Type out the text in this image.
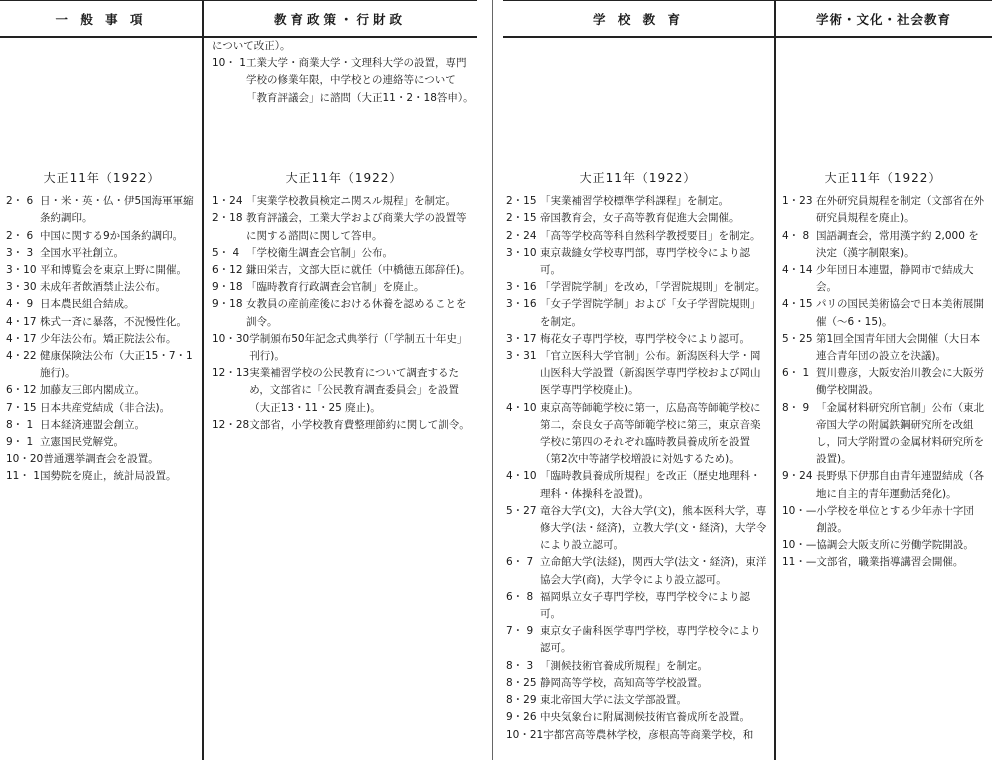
一 般 事 項	教育政策・行財政	学 校 教 育	学術・文化・社会教育
について改正）。
10・ 1 工業大学・商業大学・文理科大学の設置，専門学校の修業年限，中学校との連絡等について「教育評議会」に諮問（大正11・2・18答申）。
大正11年（1922）
2・ 6 日・米・英・仏・伊5国海軍軍縮条約調印。
2・ 6 中国に関する9か国条約調印。
3・ 3 全国水平社創立。
3・10 平和博覧会を東京上野に開催。
3・30 未成年者飲酒禁止法公布。
4・ 9 日本農民組合結成。
4・17 株式一斉に暴落，不況慢性化。
4・17 少年法公布。矯正院法公布。
4・22 健康保険法公布（大正15・7・1施行)。
6・12 加藤友三郎内閣成立。
7・15 日本共産党結成（非合法)。
8・ 1 日本経済連盟会創立。
9・ 1 立憲国民党解党。
10・20 普通選挙調査会を設置。
11・ 1 国勢院を廃止，統計局設置。
大正11年（1922）
1・24 「実業学校教員検定ニ関スル規程」を制定。
2・18 教育評議会，工業大学および商業大学の設置等に関する諮問に関して答申。
5・ 4 「学校衛生調査会官制」公布。
6・12 鎌田栄吉，文部大臣に就任（中橋徳五郎辞任)。
9・18 「臨時教育行政調査会官制」を廃止。
9・18 女教員の産前産後における休養を認めることを訓令。
10・30 学制頒布50年記念式典挙行（「学制五十年史」刊行)。
12・13 実業補習学校の公民教育について調査するため，文部省に「公民教育調査委員会」を設置（大正13・11・25 廃止)。
12・28 文部省，小学校教育費整理節約に関して訓令。
大正11年（1922）
2・15 「実業補習学校標準学科課程」を制定。
2・15 帝国教育会，女子高等教育促進大会開催。
2・24 「高等学校高等科自然科学教授要目」を制定。
3・10 東京裁縫女学校専門部，専門学校令により認可。
3・16 「学習院学制」を改め，「学習院規則」を制定。
3・16 「女子学習院学制」および「女子学習院規則」を制定。
3・17 梅花女子専門学校，専門学校令により認可。
3・31 「官立医科大学官制」公布。新潟医科大学・岡山医科大学設置（新潟医学専門学校および岡山医学専門学校廃止)。
4・10 東京高等師範学校に第一，広島高等師範学校に第二，奈良女子高等師範学校に第三，東京音楽学校に第四のそれぞれ臨時教員養成所を設置（第2次中等諸学校増設に対処するため)。
4・10 「臨時教員養成所規程」を改正（歴史地理科・理科・体操科を設置)。
5・27 竜谷大学(文)，大谷大学(文)，熊本医科大学，専修大学(法・経済)，立教大学(文・経済)，大学令により設立認可。
6・ 7 立命館大学(法経)，関西大学(法文・経済)，東洋協会大学(商)，大学令により設立認可。
6・ 8 福岡県立女子専門学校，専門学校令により認可。
7・ 9 東京女子歯科医学専門学校，専門学校令により認可。
8・ 3 「測候技術官養成所規程」を制定。
8・25 静岡高等学校，高知高等学校設置。
8・29 東北帝国大学に法文学部設置。
9・26 中央気象台に附属測候技術官養成所を設置。
10・21 宇都宮高等農林学校，彦根高等商業学校，和
大正11年（1922）
1・23 在外研究員規程を制定（文部省在外研究員規程を廃止)。
4・ 8 国語調査会，常用漢字約 2,000 を決定（漢字制限案)。
4・14 少年団日本連盟，静岡市で結成大会。
4・15 パリの国民美術協会で日本美術展開催（～6・15)。
5・25 第1回全国青年団大会開催（大日本連合青年団の設立を決議)。
6・ 1 賀川豊彦，大阪安治川教会に大阪労働学校開設。
8・ 9 「金属材料研究所官制」公布（東北帝国大学の附属鉄鋼研究所を改組し，同大学附置の金属材料研究所を設置)。
9・24 長野県下伊那自由青年連盟結成（各地に自主的青年運動活発化)。
10・— 小学校を単位とする少年赤十字団創設。
10・— 協調会大阪支所に労働学院開設。
11・— 文部省，職業指導講習会開催。
